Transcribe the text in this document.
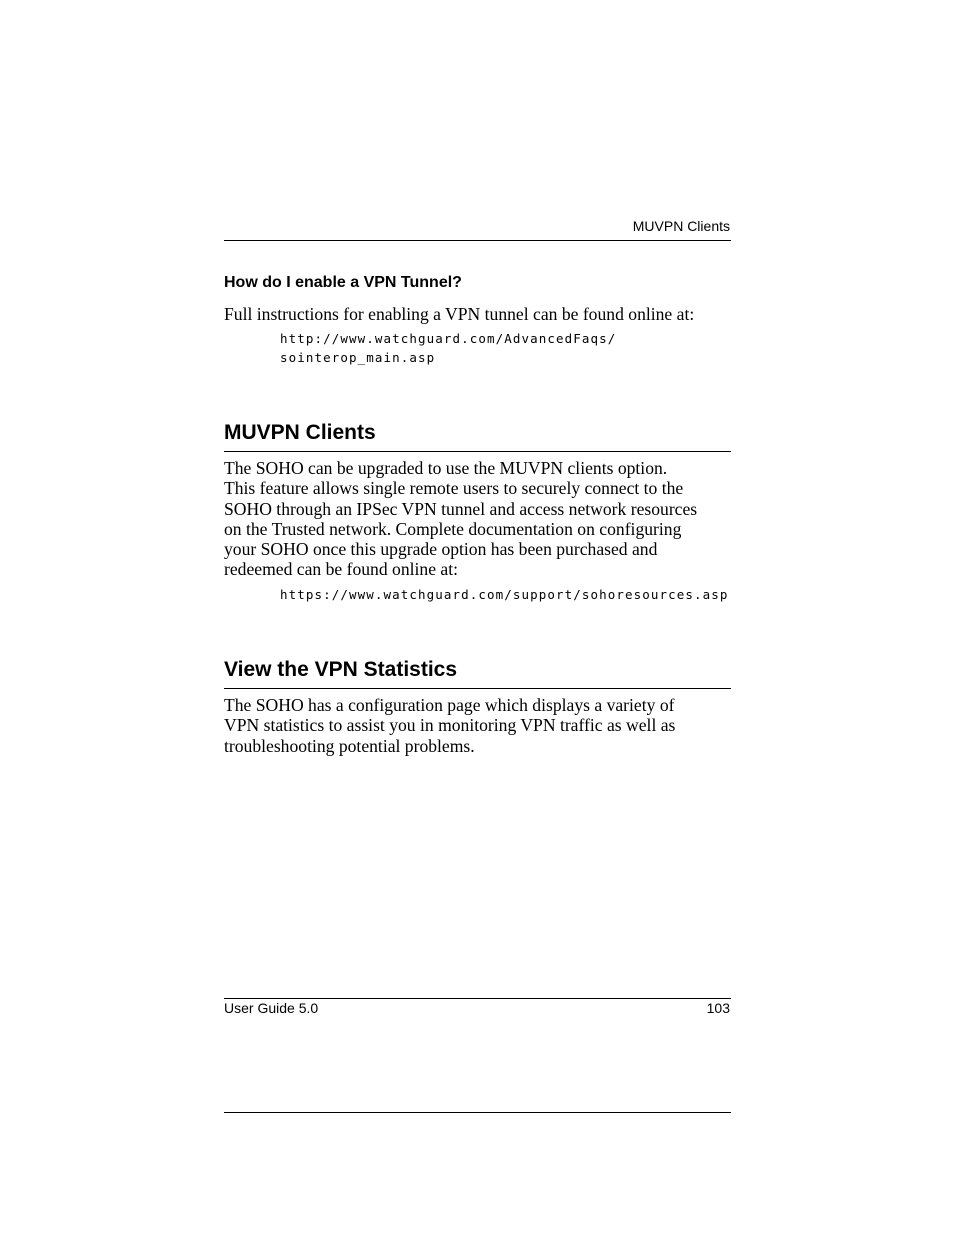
MUVPN Clients
How do I enable a VPN Tunnel?
Full instructions for enabling a VPN tunnel can be found online at:
http://www.watchguard.com/AdvancedFaqs/
sointerop_main.asp
MUVPN Clients
The SOHO can be upgraded to use the MUVPN clients option.
This feature allows single remote users to securely connect to the
SOHO through an IPSec VPN tunnel and access network resources
on the Trusted network. Complete documentation on configuring
your SOHO once this upgrade option has been purchased and
redeemed can be found online at:
https://www.watchguard.com/support/sohoresources.asp
View the VPN Statistics
The SOHO has a configuration page which displays a variety of
VPN statistics to assist you in monitoring VPN traffic as well as
troubleshooting potential problems.
User Guide 5.0	103
